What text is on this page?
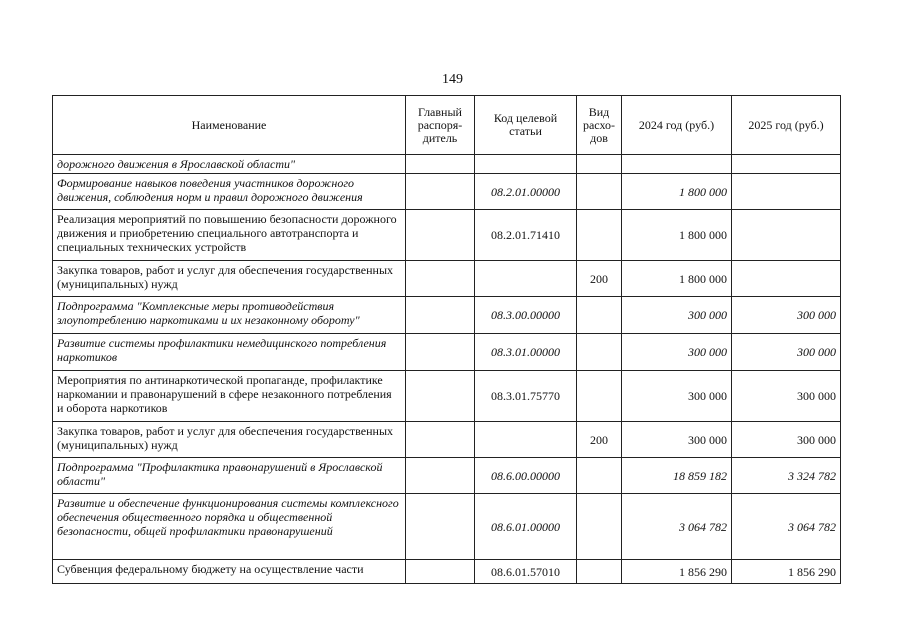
149
Наименование	Главный распоря-дитель	Код целевой статьи	Вид расхо-дов	2024 год (руб.)	2025 год (руб.)
дорожного движения в Ярославской области"					
Формирование навыков поведения участников дорожного движения, соблюдения норм и правил дорожного движения		08.2.01.00000		1 800 000	
Реализация мероприятий по повышению безопасности дорожного движения и приобретению специального автотранспорта и специальных технических устройств		08.2.01.71410		1 800 000	
Закупка товаров, работ и услуг для обеспечения государственных (муниципальных) нужд			200	1 800 000	
Подпрограмма "Комплексные меры противодействия злоупотреблению наркотиками и их незаконному обороту"		08.3.00.00000		300 000	300 000
Развитие системы профилактики немедицинского потребления наркотиков		08.3.01.00000		300 000	300 000
Мероприятия по антинаркотической пропаганде, профилактике наркомании и правонарушений в сфере незаконного потребления и оборота наркотиков		08.3.01.75770		300 000	300 000
Закупка товаров, работ и услуг для обеспечения государственных (муниципальных) нужд			200	300 000	300 000
Подпрограмма "Профилактика правонарушений в Ярославской области"		08.6.00.00000		18 859 182	3 324 782
Развитие и обеспечение функционирования системы комплексного обеспечения общественного порядка и общественной безопасности, общей профилактики правонарушений		08.6.01.00000		3 064 782	3 064 782
Субвенция федеральному бюджету на осуществление части		08.6.01.57010		1 856 290	1 856 290
